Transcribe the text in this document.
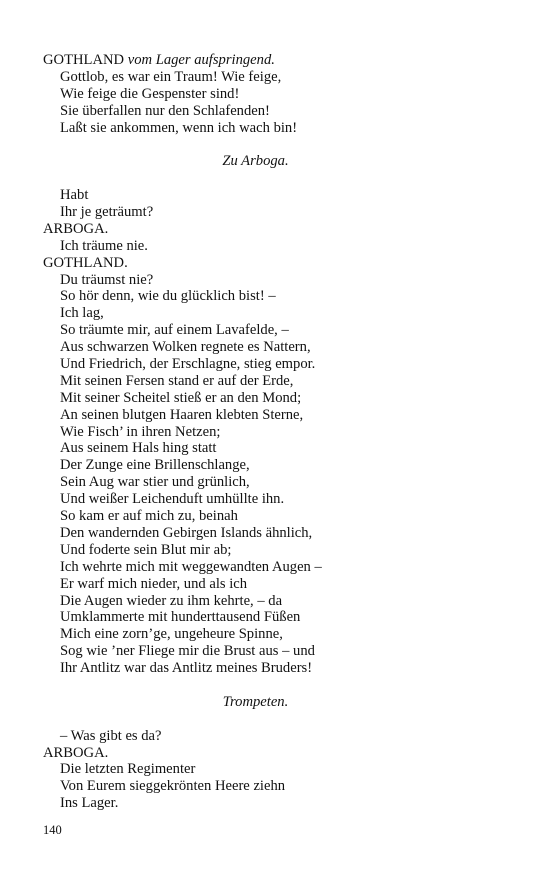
GOTHLAND vom Lager aufspringend.
Gottlob, es war ein Traum! Wie feige,
Wie feige die Gespenster sind!
Sie überfallen nur den Schlafenden!
Laßt sie ankommen, wenn ich wach bin!
Zu Arboga.
Habt
Ihr je geträumt?
ARBOGA.
Ich träume nie.
GOTHLAND.
Du träumst nie?
So hör denn, wie du glücklich bist! –
Ich lag,
So träumte mir, auf einem Lavafelde, –
Aus schwarzen Wolken regnete es Nattern,
Und Friedrich, der Erschlagne, stieg empor.
Mit seinen Fersen stand er auf der Erde,
Mit seiner Scheitel stieß er an den Mond;
An seinen blutgen Haaren klebten Sterne,
Wie Fisch’ in ihren Netzen;
Aus seinem Hals hing statt
Der Zunge eine Brillenschlange,
Sein Aug war stier und grünlich,
Und weißer Leichenduft umhüllte ihn.
So kam er auf mich zu, beinah
Den wandernden Gebirgen Islands ähnlich,
Und foderte sein Blut mir ab;
Ich wehrte mich mit weggewandten Augen –
Er warf mich nieder, und als ich
Die Augen wieder zu ihm kehrte, – da
Umklammerte mit hunderttausend Füßen
Mich eine zorn’ge, ungeheure Spinne,
Sog wie ’ner Fliege mir die Brust aus – und
Ihr Antlitz war das Antlitz meines Bruders!
Trompeten.
– Was gibt es da?
ARBOGA.
Die letzten Regimenter
Von Eurem sieggekrönten Heere ziehn
Ins Lager.
140
